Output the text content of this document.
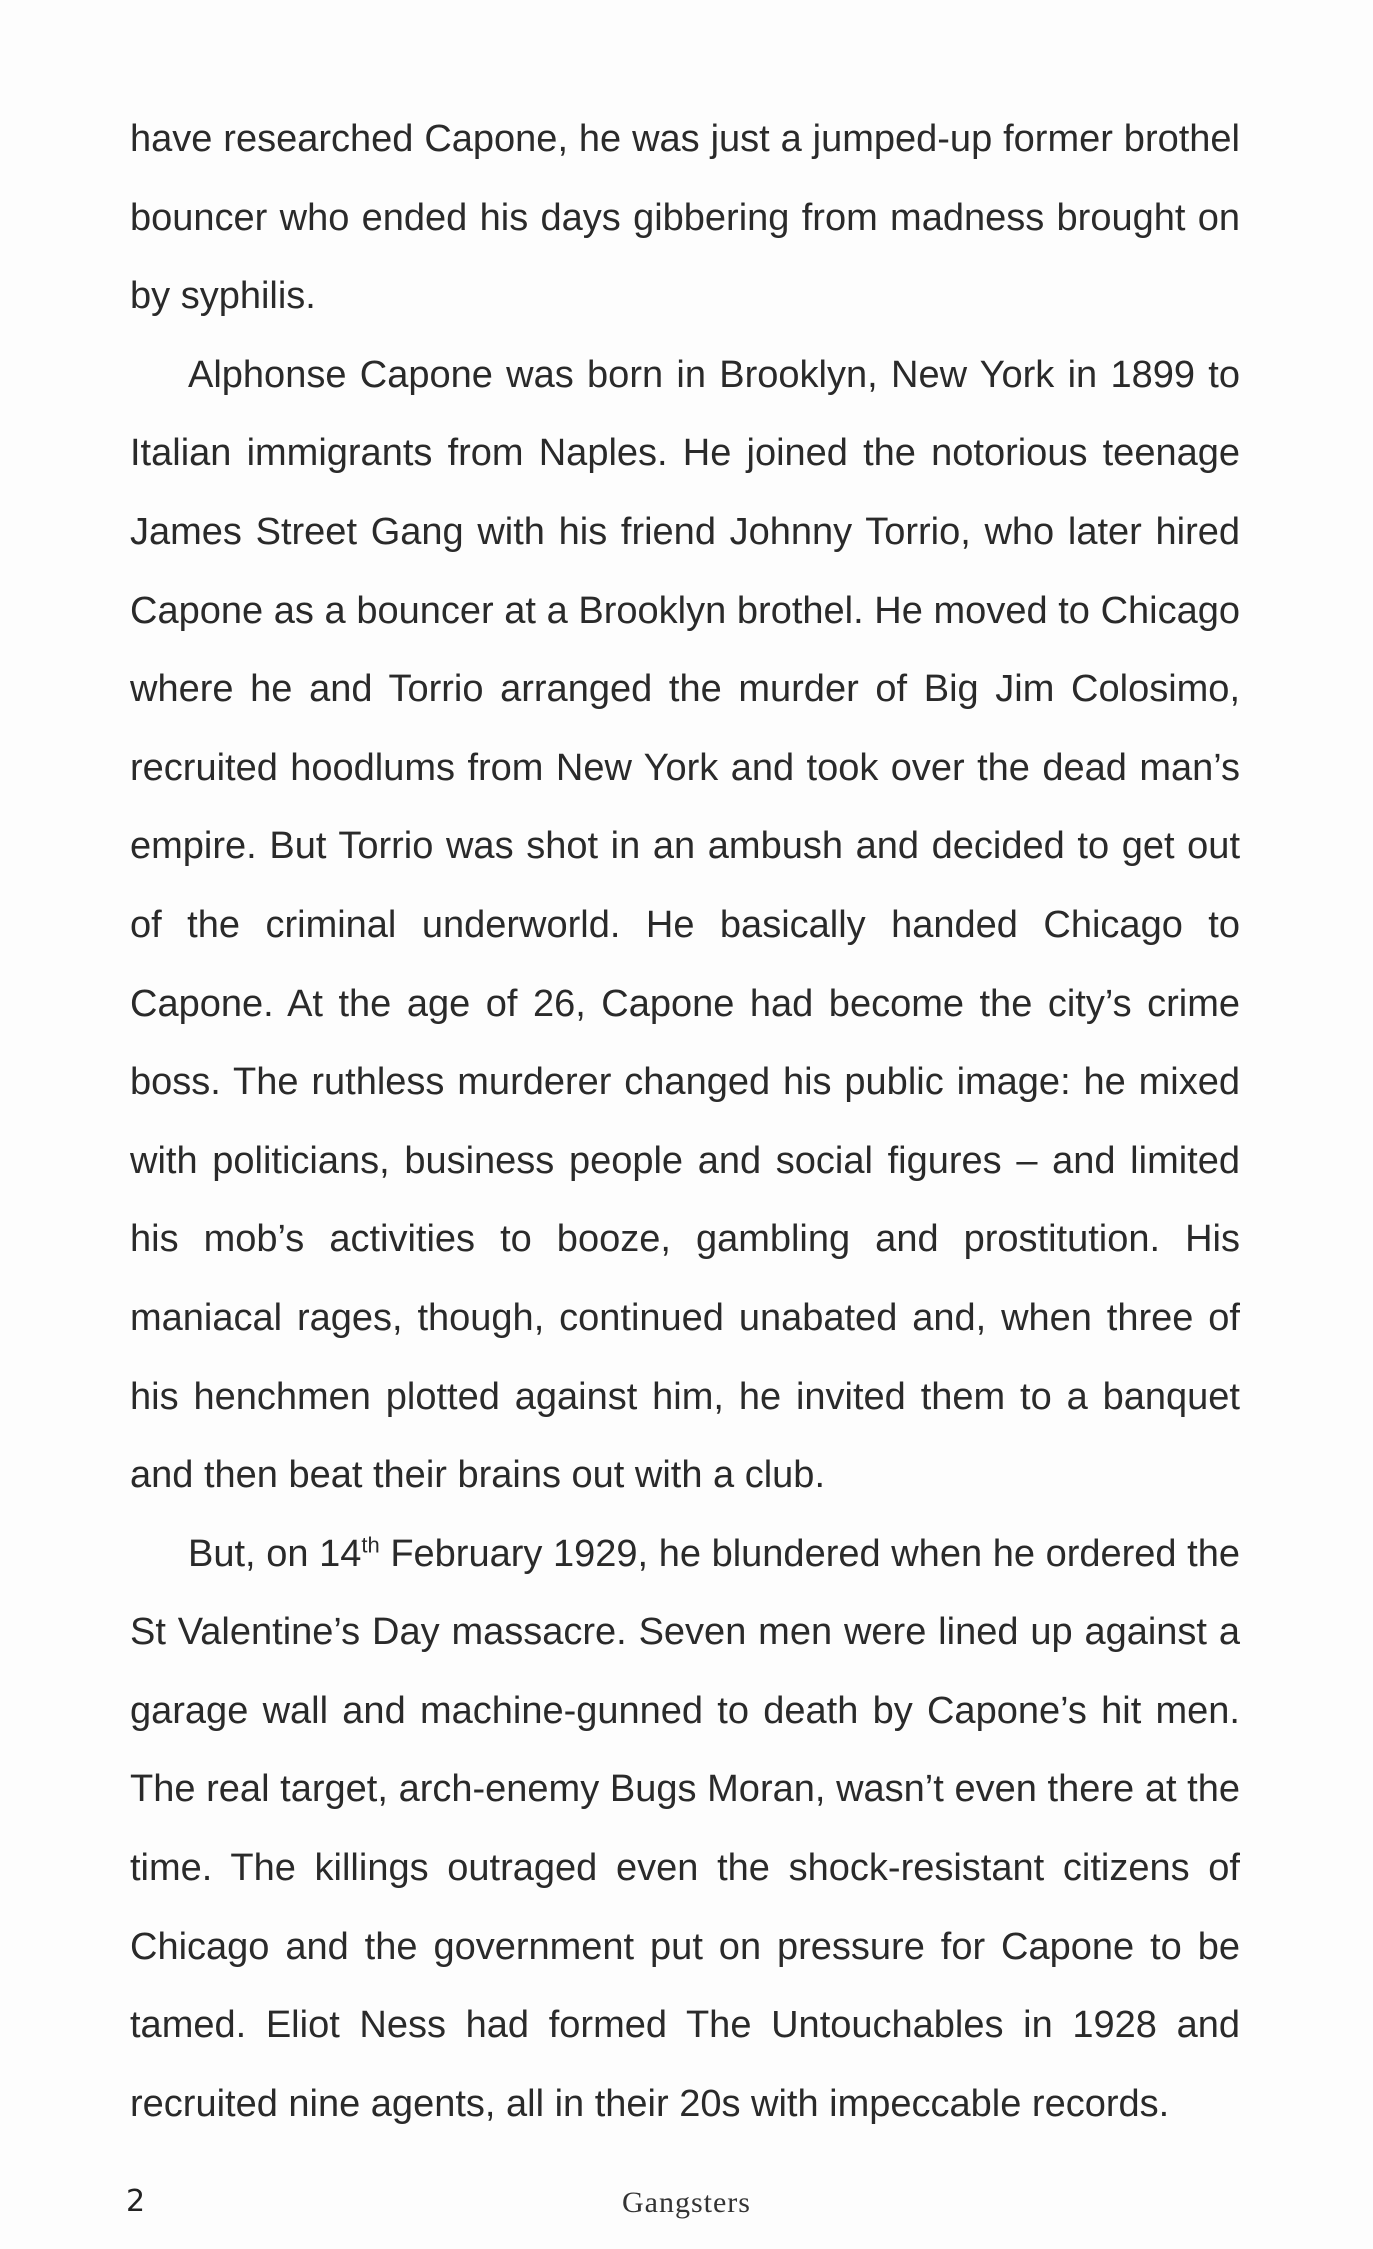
have researched Capone, he was just a jumped-up former brothel bouncer who ended his days gibbering from madness brought on by syphilis.

Alphonse Capone was born in Brooklyn, New York in 1899 to Italian immigrants from Naples. He joined the notorious teenage James Street Gang with his friend Johnny Torrio, who later hired Capone as a bouncer at a Brooklyn brothel. He moved to Chicago where he and Torrio arranged the murder of Big Jim Colosimo, recruited hoodlums from New York and took over the dead man’s empire. But Torrio was shot in an ambush and decided to get out of the criminal underworld. He basically handed Chicago to Capone. At the age of 26, Capone had become the city’s crime boss. The ruthless murderer changed his public image: he mixed with politicians, business people and social figures – and limited his mob’s activities to booze, gambling and prostitution. His maniacal rages, though, continued unabated and, when three of his henchmen plotted against him, he invited them to a banquet and then beat their brains out with a club.

But, on 14th February 1929, he blundered when he ordered the St Valentine’s Day massacre. Seven men were lined up against a garage wall and machine-gunned to death by Capone’s hit men. The real target, arch-enemy Bugs Moran, wasn’t even there at the time. The killings outraged even the shock-resistant citizens of Chicago and the government put on pressure for Capone to be tamed. Eliot Ness had formed The Untouchables in 1928 and recruited nine agents, all in their 20s with impeccable records.

2	Gangsters
